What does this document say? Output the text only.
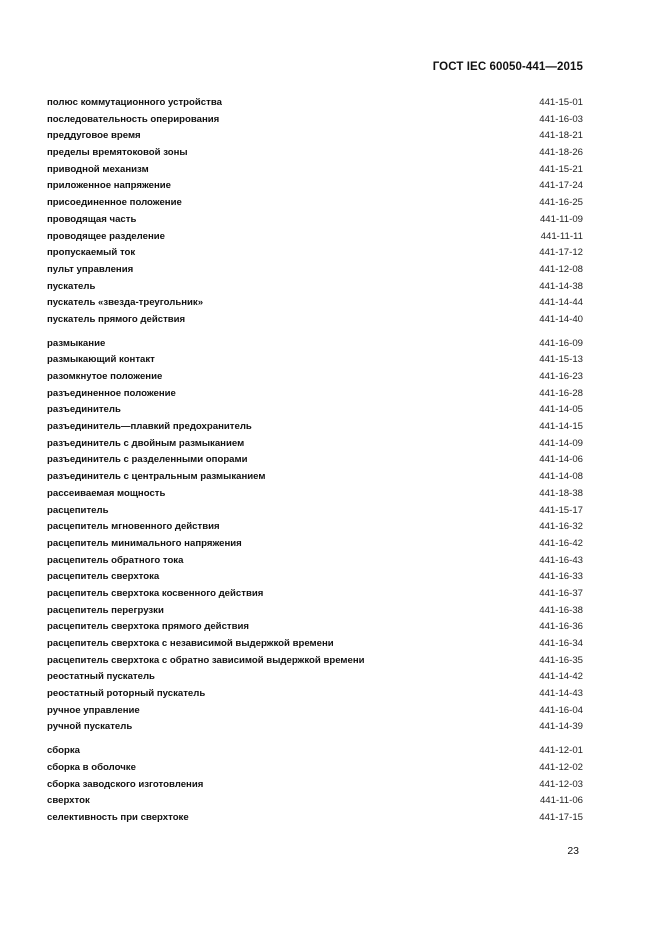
ГОСТ IEC 60050-441—2015
полюс коммутационного устройства	441-15-01
последовательность оперирования	441-16-03
преддуговое время	441-18-21
пределы времятоковой зоны	441-18-26
приводной механизм	441-15-21
приложенное напряжение	441-17-24
присоединенное положение	441-16-25
проводящая часть	441-11-09
проводящее разделение	441-11-11
пропускаемый ток	441-17-12
пульт управления	441-12-08
пускатель	441-14-38
пускатель «звезда-треугольник»	441-14-44
пускатель прямого действия	441-14-40
размыкание	441-16-09
размыкающий контакт	441-15-13
разомкнутое положение	441-16-23
разъединенное положение	441-16-28
разъединитель	441-14-05
разъединитель—плавкий предохранитель	441-14-15
разъединитель с двойным размыканием	441-14-09
разъединитель с разделенными опорами	441-14-06
разъединитель с центральным размыканием	441-14-08
рассеиваемая мощность	441-18-38
расцепитель	441-15-17
расцепитель мгновенного действия	441-16-32
расцепитель минимального напряжения	441-16-42
расцепитель обратного тока	441-16-43
расцепитель сверхтока	441-16-33
расцепитель сверхтока косвенного действия	441-16-37
расцепитель перегрузки	441-16-38
расцепитель сверхтока прямого действия	441-16-36
расцепитель сверхтока с независимой выдержкой времени	441-16-34
расцепитель сверхтока с обратно зависимой выдержкой времени	441-16-35
реостатный пускатель	441-14-42
реостатный роторный пускатель	441-14-43
ручное управление	441-16-04
ручной пускатель	441-14-39
сборка	441-12-01
сборка в оболочке	441-12-02
сборка заводского изготовления	441-12-03
сверхток	441-11-06
селективность при сверхтоке	441-17-15
23
